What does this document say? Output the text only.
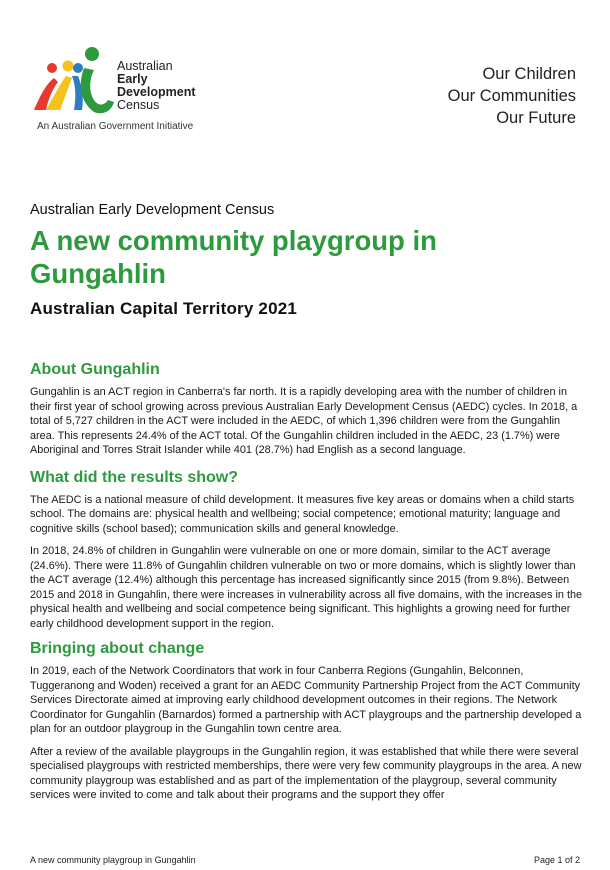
Australian
Early
Development
Census
An Australian Government Initiative
Our Children
Our Communities
Our Future
Australian Early Development Census
A new community playgroup in Gungahlin
Australian Capital Territory 2021
About Gungahlin

Gungahlin is an ACT region in Canberra's far north. It is a rapidly developing area with the number of children in their first year of school growing across previous Australian Early Development Census (AEDC) cycles. In 2018, a total of 5,727 children in the ACT were included in the AEDC, of which 1,396 children were from the Gungahlin area. This represents 24.4% of the ACT total. Of the Gungahlin children included in the AEDC, 23 (1.7%) were Aboriginal and Torres Strait Islander while 401 (28.7%) had English as a second language.

What did the results show?

The AEDC is a national measure of child development. It measures five key areas or domains when a child starts school. The domains are: physical health and wellbeing; social competence; emotional maturity; language and cognitive skills (school based); communication skills and general knowledge.

In 2018, 24.8% of children in Gungahlin were vulnerable on one or more domain, similar to the ACT average (24.6%). There were 11.8% of Gungahlin children vulnerable on two or more domains, which is slightly lower than the ACT average (12.4%) although this percentage has increased significantly since 2015 (from 9.8%). Between 2015 and 2018 in Gungahlin, there were increases in vulnerability across all five domains, with the increases in the physical health and wellbeing and social competence being significant. This highlights a growing need for further early childhood development support in the region.

Bringing about change

In 2019, each of the Network Coordinators that work in four Canberra Regions (Gungahlin, Belconnen, Tuggeranong and Woden) received a grant for an AEDC Community Partnership Project from the ACT Community Services Directorate aimed at improving early childhood development outcomes in their regions. The Network Coordinator for Gungahlin (Barnardos) formed a partnership with ACT playgroups and the partnership developed a plan for an outdoor playgroup in the Gungahlin town centre area.

After a review of the available playgroups in the Gungahlin region, it was established that while there were several specialised playgroups with restricted memberships, there were very few community playgroups in the area. A new community playgroup was established and as part of the implementation of the playgroup, several community services were invited to come and talk about their programs and the support they offer

A new community playgroup in Gungahlin	Page 1 of 2
